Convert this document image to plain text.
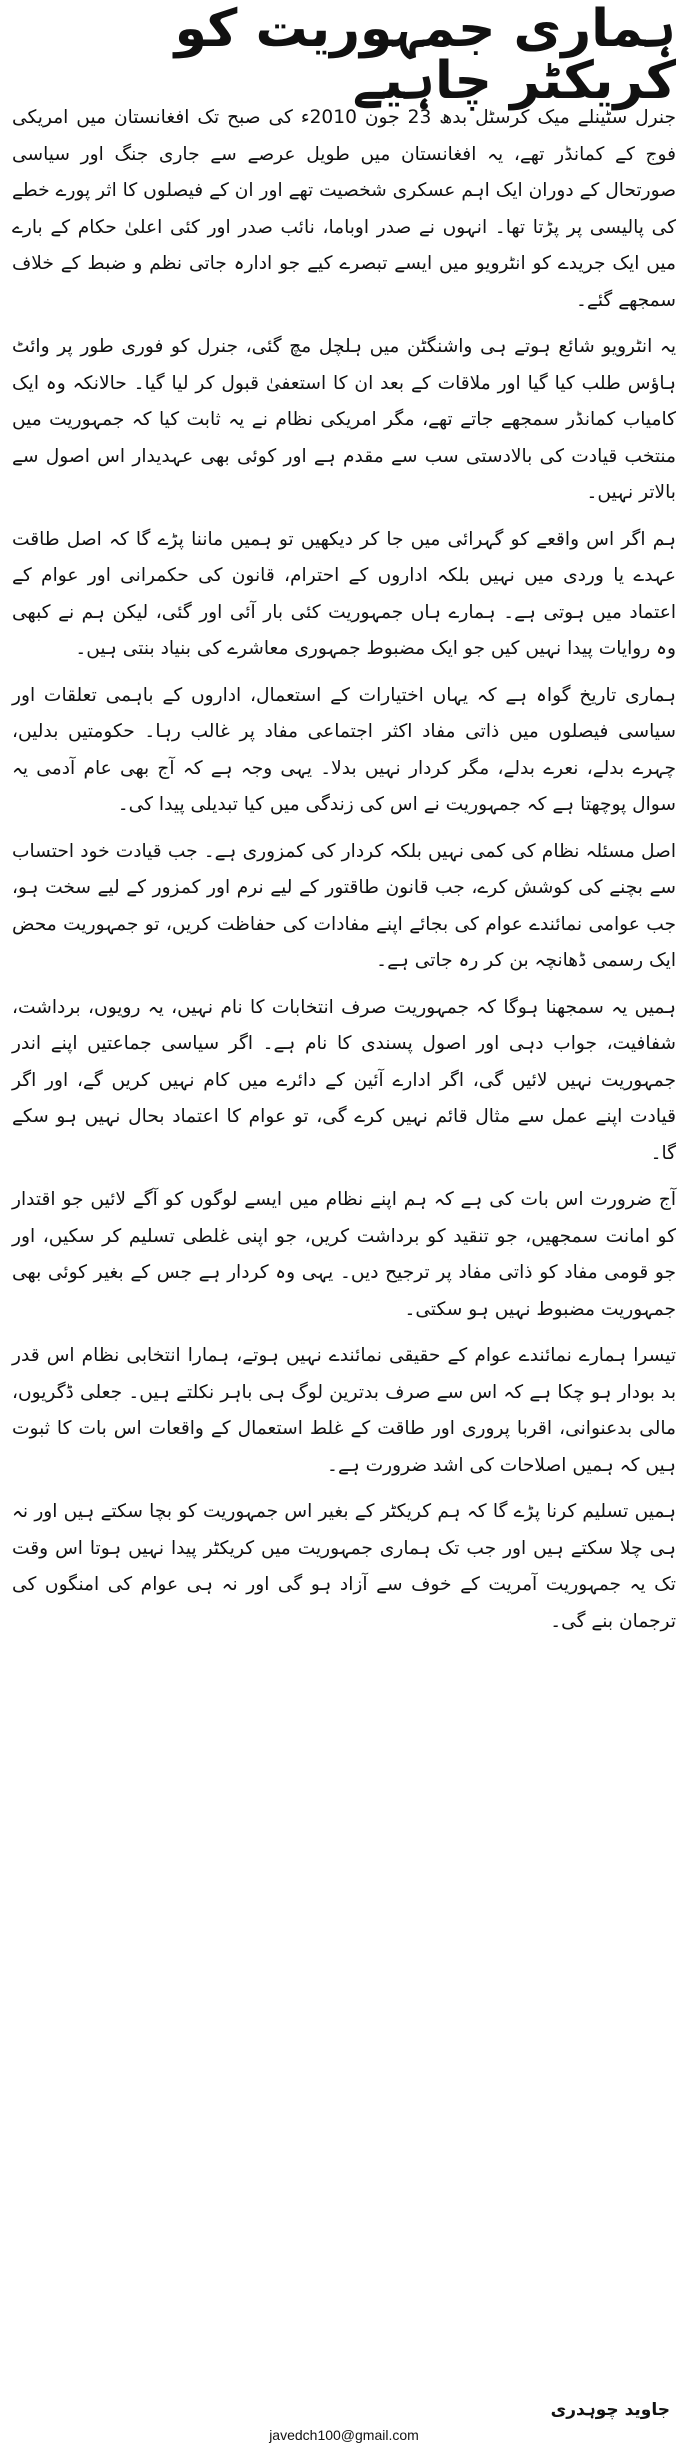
ہماری جمہوریت کو کریکٹر چاہیے

جنرل سٹینلے میک کرسٹل بدھ 23 جون 2010ء کی صبح تک افغانستان میں امریکی فوج کے کمانڈر تھے، یہ افغانستان میں طویل عرصے سے جاری جنگ اور سیاسی صورتحال کے دوران ایک اہم عسکری شخصیت تھے اور ان کے فیصلوں کا اثر پورے خطے کی پالیسی پر پڑتا تھا۔ انہوں نے صدر اوباما، نائب صدر اور کئی اعلیٰ حکام کے بارے میں ایک جریدے کو انٹرویو میں ایسے تبصرے کیے جو ادارہ جاتی نظم و ضبط کے خلاف سمجھے گئے۔

یہ انٹرویو شائع ہوتے ہی واشنگٹن میں ہلچل مچ گئی، جنرل کو فوری طور پر وائٹ ہاؤس طلب کیا گیا اور ملاقات کے بعد ان کا استعفیٰ قبول کر لیا گیا۔ حالانکہ وہ ایک کامیاب کمانڈر سمجھے جاتے تھے، مگر امریکی نظام نے یہ ثابت کیا کہ جمہوریت میں منتخب قیادت کی بالادستی سب سے مقدم ہے اور کوئی بھی عہدیدار اس اصول سے بالاتر نہیں۔

ہم اگر اس واقعے کو گہرائی میں جا کر دیکھیں تو ہمیں ماننا پڑے گا کہ اصل طاقت عہدے یا وردی میں نہیں بلکہ اداروں کے احترام، قانون کی حکمرانی اور عوام کے اعتماد میں ہوتی ہے۔ ہمارے ہاں جمہوریت کئی بار آئی اور گئی، لیکن ہم نے کبھی وہ روایات پیدا نہیں کیں جو ایک مضبوط جمہوری معاشرے کی بنیاد بنتی ہیں۔

ہماری تاریخ گواہ ہے کہ یہاں اختیارات کے استعمال، اداروں کے باہمی تعلقات اور سیاسی فیصلوں میں ذاتی مفاد اکثر اجتماعی مفاد پر غالب رہا۔ حکومتیں بدلیں، چہرے بدلے، نعرے بدلے، مگر کردار نہیں بدلا۔ یہی وجہ ہے کہ آج بھی عام آدمی یہ سوال پوچھتا ہے کہ جمہوریت نے اس کی زندگی میں کیا تبدیلی پیدا کی۔

اصل مسئلہ نظام کی کمی نہیں بلکہ کردار کی کمزوری ہے۔ جب قیادت خود احتساب سے بچنے کی کوشش کرے، جب قانون طاقتور کے لیے نرم اور کمزور کے لیے سخت ہو، جب عوامی نمائندے عوام کی بجائے اپنے مفادات کی حفاظت کریں، تو جمہوریت محض ایک رسمی ڈھانچہ بن کر رہ جاتی ہے۔

ہمیں یہ سمجھنا ہوگا کہ جمہوریت صرف انتخابات کا نام نہیں، یہ رویوں، برداشت، شفافیت، جواب دہی اور اصول پسندی کا نام ہے۔ اگر سیاسی جماعتیں اپنے اندر جمہوریت نہیں لائیں گی، اگر ادارے آئین کے دائرے میں کام نہیں کریں گے، اور اگر قیادت اپنے عمل سے مثال قائم نہیں کرے گی، تو عوام کا اعتماد بحال نہیں ہو سکے گا۔

آج ضرورت اس بات کی ہے کہ ہم اپنے نظام میں ایسے لوگوں کو آگے لائیں جو اقتدار کو امانت سمجھیں، جو تنقید کو برداشت کریں، جو اپنی غلطی تسلیم کر سکیں، اور جو قومی مفاد کو ذاتی مفاد پر ترجیح دیں۔ یہی وہ کردار ہے جس کے بغیر کوئی بھی جمہوریت مضبوط نہیں ہو سکتی۔

تیسرا ہمارے نمائندے عوام کے حقیقی نمائندے نہیں ہوتے، ہمارا انتخابی نظام اس قدر بد بودار ہو چکا ہے کہ اس سے صرف بدترین لوگ ہی باہر نکلتے ہیں۔ جعلی ڈگریوں، مالی بدعنوانی، اقربا پروری اور طاقت کے غلط استعمال کے واقعات اس بات کا ثبوت ہیں کہ ہمیں اصلاحات کی اشد ضرورت ہے۔

ہمیں تسلیم کرنا پڑے گا کہ ہم کریکٹر کے بغیر اس جمہوریت کو بچا سکتے ہیں اور نہ ہی چلا سکتے ہیں اور جب تک ہماری جمہوریت میں کریکٹر پیدا نہیں ہوتا اس وقت تک یہ جمہوریت آمریت کے خوف سے آزاد ہو گی اور نہ ہی عوام کی امنگوں کی ترجمان بنے گی۔

جاوید چوہدری
javedch100@gmail.com
